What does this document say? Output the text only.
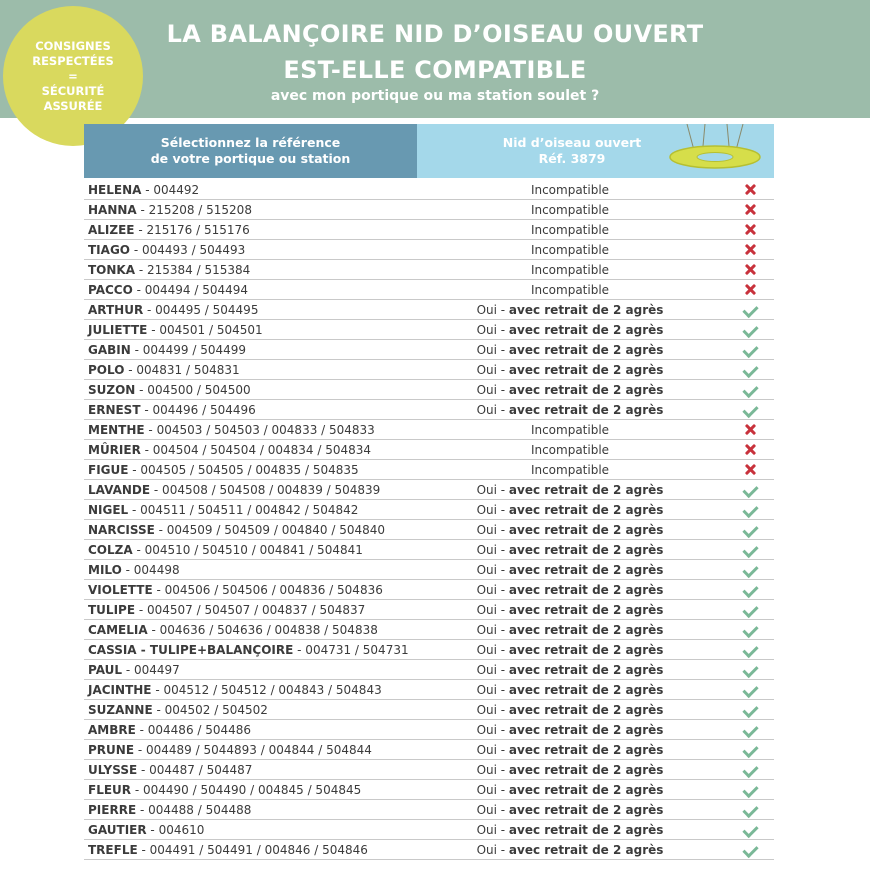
LA BALANÇOIRE NID D’OISEAU OUVERT
EST-ELLE COMPATIBLE
avec mon portique ou ma station soulet ?
CONSIGNES
RESPECTÉES
=
SÉCURITÉ
ASSURÉE
Sélectionnez la référence
de votre portique ou station
Nid d’oiseau ouvert
Réf. 3879
HELENA - 004492	Incompatible
HANNA - 215208 / 515208	Incompatible
ALIZEE - 215176 / 515176	Incompatible
TIAGO - 004493 / 504493	Incompatible
TONKA - 215384 / 515384	Incompatible
PACCO - 004494 / 504494	Incompatible
ARTHUR - 004495 / 504495	Oui - avec retrait de 2 agrès
JULIETTE - 004501 / 504501	Oui - avec retrait de 2 agrès
GABIN - 004499 / 504499	Oui - avec retrait de 2 agrès
POLO - 004831 / 504831	Oui - avec retrait de 2 agrès
SUZON - 004500 / 504500	Oui - avec retrait de 2 agrès
ERNEST - 004496 / 504496	Oui - avec retrait de 2 agrès
MENTHE - 004503 / 504503 / 004833 / 504833	Incompatible
MÛRIER - 004504 / 504504 / 004834 / 504834	Incompatible
FIGUE - 004505 / 504505 / 004835 / 504835	Incompatible
LAVANDE - 004508 / 504508 / 004839 / 504839	Oui - avec retrait de 2 agrès
NIGEL - 004511 / 504511 / 004842 / 504842	Oui - avec retrait de 2 agrès
NARCISSE - 004509 / 504509 / 004840 / 504840	Oui - avec retrait de 2 agrès
COLZA - 004510 / 504510 / 004841 / 504841	Oui - avec retrait de 2 agrès
MILO - 004498	Oui - avec retrait de 2 agrès
VIOLETTE - 004506 / 504506 / 004836 / 504836	Oui - avec retrait de 2 agrès
TULIPE - 004507 / 504507 / 004837 / 504837	Oui - avec retrait de 2 agrès
CAMELIA - 004636 / 504636 / 004838 / 504838	Oui - avec retrait de 2 agrès
CASSIA - TULIPE+BALANÇOIRE - 004731 / 504731	Oui - avec retrait de 2 agrès
PAUL - 004497	Oui - avec retrait de 2 agrès
JACINTHE - 004512 / 504512 / 004843 / 504843	Oui - avec retrait de 2 agrès
SUZANNE - 004502 / 504502	Oui - avec retrait de 2 agrès
AMBRE - 004486 / 504486	Oui - avec retrait de 2 agrès
PRUNE - 004489 / 5044893 / 004844 / 504844	Oui - avec retrait de 2 agrès
ULYSSE - 004487 / 504487	Oui - avec retrait de 2 agrès
FLEUR - 004490 / 504490 / 004845 / 504845	Oui - avec retrait de 2 agrès
PIERRE - 004488 / 504488	Oui - avec retrait de 2 agrès
GAUTIER - 004610	Oui - avec retrait de 2 agrès
TREFLE - 004491 / 504491 / 004846 / 504846	Oui - avec retrait de 2 agrès
